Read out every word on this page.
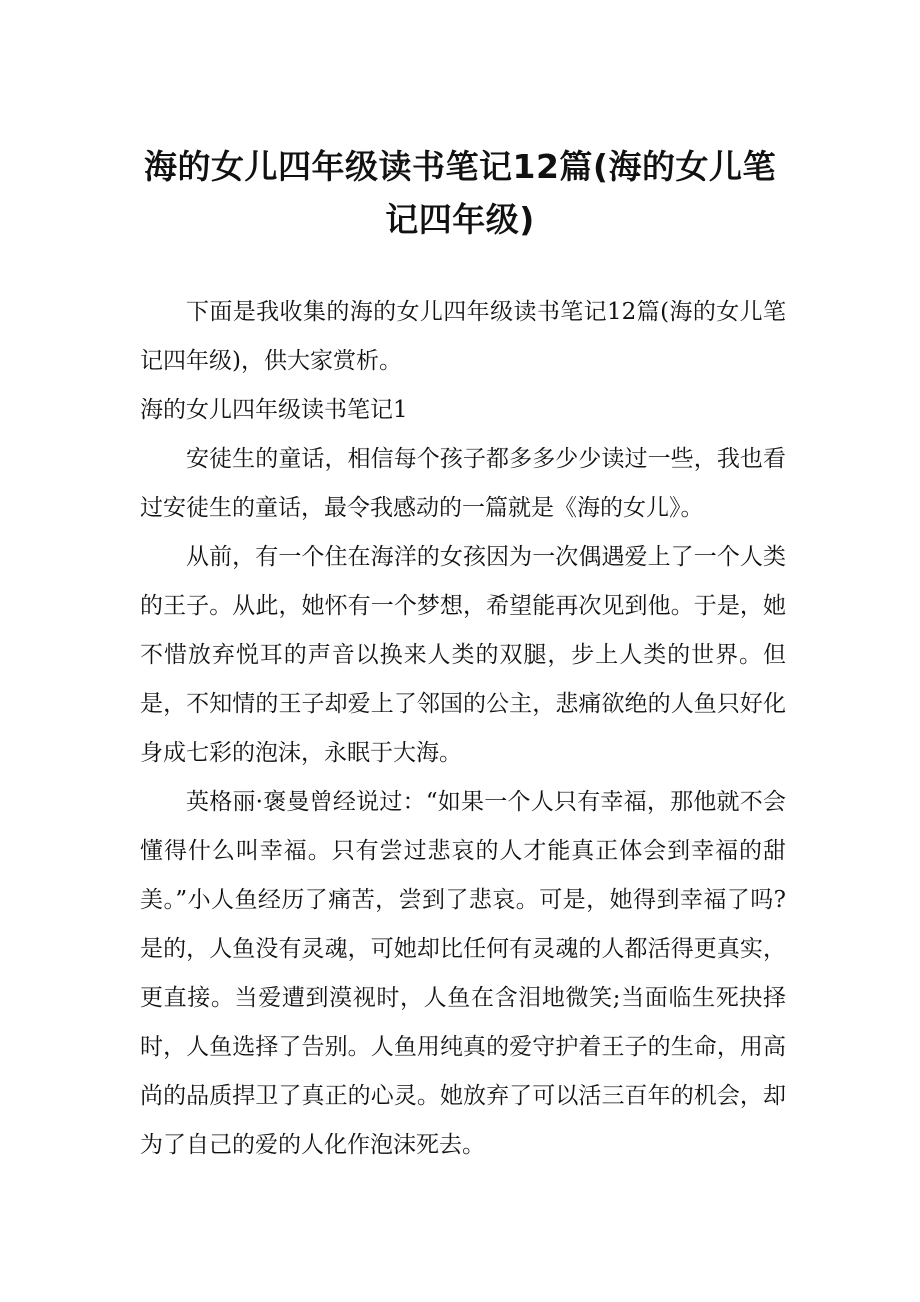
海的女儿四年级读书笔记12篇(海的女儿笔记四年级)

下面是我收集的海的女儿四年级读书笔记12篇(海的女儿笔记四年级)，供大家赏析。

海的女儿四年级读书笔记1

安徒生的童话，相信每个孩子都多多少少读过一些，我也看过安徒生的童话，最令我感动的一篇就是《海的女儿》。

从前，有一个住在海洋的女孩因为一次偶遇爱上了一个人类的王子。从此，她怀有一个梦想，希望能再次见到他。于是，她不惜放弃悦耳的声音以换来人类的双腿，步上人类的世界。但是，不知情的王子却爱上了邻国的公主，悲痛欲绝的人鱼只好化身成七彩的泡沫，永眠于大海。

英格丽·褒曼曾经说过：“如果一个人只有幸福，那他就不会懂得什么叫幸福。只有尝过悲哀的人才能真正体会到幸福的甜美。”小人鱼经历了痛苦，尝到了悲哀。可是，她得到幸福了吗?是的，人鱼没有灵魂，可她却比任何有灵魂的人都活得更真实，更直接。当爱遭到漠视时，人鱼在含泪地微笑;当面临生死抉择时，人鱼选择了告别。人鱼用纯真的爱守护着王子的生命，用高尚的品质捍卫了真正的心灵。她放弃了可以活三百年的机会，却为了自己的爱的人化作泡沫死去。
